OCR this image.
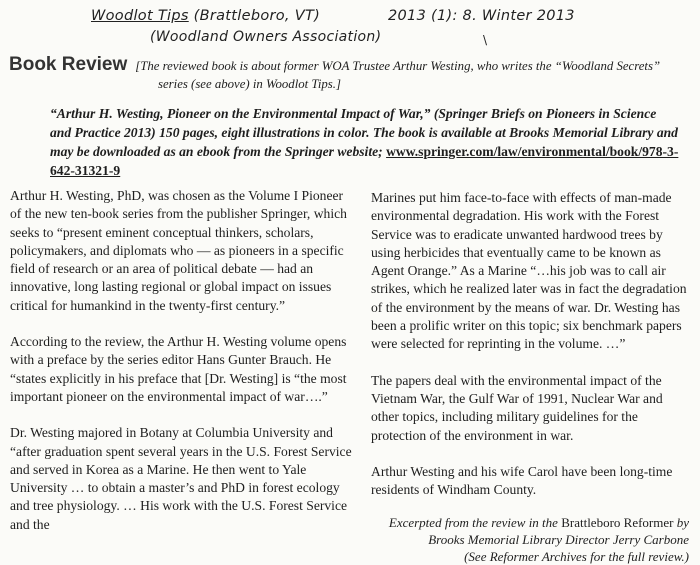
Woodlot Tips (Brattleboro, VT)	2013 (1): 8. Winter 2013
(Woodland Owners Association)	\
Book Review [The reviewed book is about former WOA Trustee Arthur Westing, who writes the “Woodland Secrets”
series (see above) in Woodlot Tips.]
“Arthur H. Westing, Pioneer on the Environmental Impact of War,” (Springer Briefs on Pioneers in Science and Practice 2013) 150 pages, eight illustrations in color. The book is available at Brooks Memorial Library and may be downloaded as an ebook from the Springer website; www.springer.com/law/environmental/book/978-3-642-31321-9

Arthur H. Westing, PhD, was chosen as the Volume I Pioneer of the new ten-book series from the publisher Springer, which seeks to “present eminent conceptual thinkers, scholars, policymakers, and diplomats who — as pioneers in a specific field of research or an area of political debate — had an innovative, long lasting regional or global impact on issues critical for humankind in the twenty-first century.”

According to the review, the Arthur H. Westing volume opens with a preface by the series editor Hans Gunter Brauch. He “states explicitly in his preface that [Dr. Westing] is “the most important pioneer on the environmental impact of war….”

Dr. Westing majored in Botany at Columbia University and “after graduation spent several years in the U.S. Forest Service and served in Korea as a Marine. He then went to Yale University … to obtain a master’s and PhD in forest ecology and tree physiology. … His work with the U.S. Forest Service and the

Marines put him face-to-face with effects of man-made environmental degradation. His work with the Forest Service was to eradicate unwanted hardwood trees by using herbicides that eventually came to be known as Agent Orange.” As a Marine “…his job was to call air strikes, which he realized later was in fact the degradation of the environment by the means of war. Dr. Westing has been a prolific writer on this topic; six benchmark papers were selected for reprinting in the volume. …”

The papers deal with the environmental impact of the Vietnam War, the Gulf War of 1991, Nuclear War and other topics, including military guidelines for the protection of the environment in war.

Arthur Westing and his wife Carol have been long-time residents of Windham County.

Excerpted from the review in the Brattleboro Reformer by Brooks Memorial Library Director Jerry Carbone
(See Reformer Archives for the full review.)
